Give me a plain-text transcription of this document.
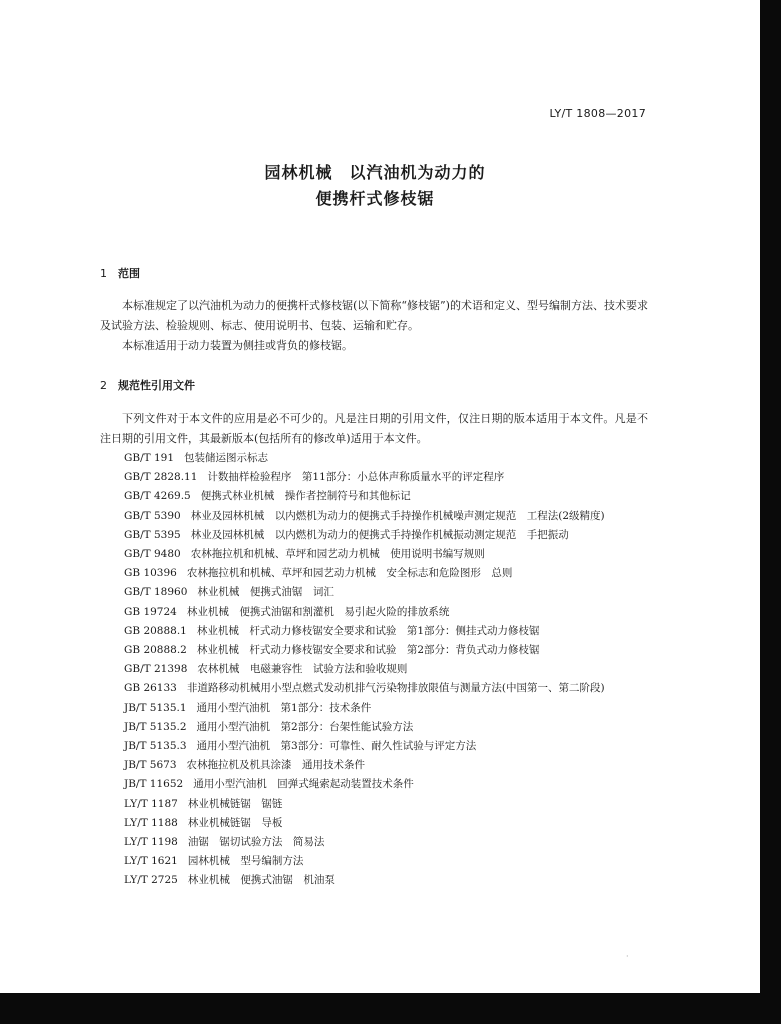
LY/T 1808—2017
园林机械　以汽油机为动力的
便携杆式修枝锯
1 范围
本标准规定了以汽油机为动力的便携杆式修枝锯(以下简称“修枝锯”)的术语和定义、型号编制方法、技术要求及试验方法、检验规则、标志、使用说明书、包装、运输和贮存。
本标准适用于动力装置为侧挂或背负的修枝锯。
2 规范性引用文件
下列文件对于本文件的应用是必不可少的。凡是注日期的引用文件，仅注日期的版本适用于本文件。凡是不注日期的引用文件，其最新版本(包括所有的修改单)适用于本文件。
GB/T 191 包装储运图示标志
GB/T 2828.11 计数抽样检验程序　第11部分：小总体声称质量水平的评定程序
GB/T 4269.5 便携式林业机械　操作者控制符号和其他标记
GB/T 5390 林业及园林机械　以内燃机为动力的便携式手持操作机械噪声测定规范　工程法(2级精度)
GB/T 5395 林业及园林机械　以内燃机为动力的便携式手持操作机械振动测定规范　手把振动
GB/T 9480 农林拖拉机和机械、草坪和园艺动力机械　使用说明书编写规则
GB 10396 农林拖拉机和机械、草坪和园艺动力机械　安全标志和危险图形　总则
GB/T 18960 林业机械　便携式油锯　词汇
GB 19724 林业机械　便携式油锯和割灌机　易引起火险的排放系统
GB 20888.1 林业机械　杆式动力修枝锯安全要求和试验　第1部分：侧挂式动力修枝锯
GB 20888.2 林业机械　杆式动力修枝锯安全要求和试验　第2部分：背负式动力修枝锯
GB/T 21398 农林机械　电磁兼容性　试验方法和验收规则
GB 26133 非道路移动机械用小型点燃式发动机排气污染物排放限值与测量方法(中国第一、第二阶段)
JB/T 5135.1 通用小型汽油机　第1部分：技术条件
JB/T 5135.2 通用小型汽油机　第2部分：台架性能试验方法
JB/T 5135.3 通用小型汽油机　第3部分：可靠性、耐久性试验与评定方法
JB/T 5673 农林拖拉机及机具涂漆　通用技术条件
JB/T 11652 通用小型汽油机　回弹式绳索起动装置技术条件
LY/T 1187 林业机械链锯　锯链
LY/T 1188 林业机械链锯　导板
LY/T 1198 油锯　锯切试验方法　简易法
LY/T 1621 园林机械　型号编制方法
LY/T 2725 林业机械　便携式油锯　机油泵
·
